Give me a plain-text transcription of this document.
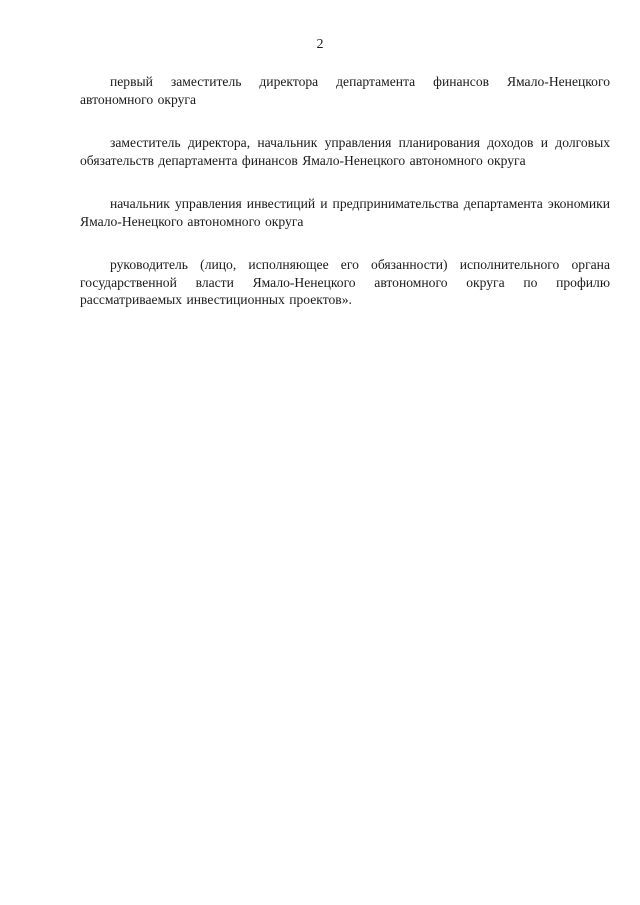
2

первый заместитель директора департамента финансов Ямало-Ненецкого автономного округа

заместитель директора, начальник управления планирования доходов и долговых обязательств департамента финансов Ямало-Ненецкого автономного округа

начальник управления инвестиций и предпринимательства департамента экономики Ямало-Ненецкого автономного округа

руководитель (лицо, исполняющее его обязанности) исполнительного органа государственной власти Ямало-Ненецкого автономного округа по профилю рассматриваемых инвестиционных проектов».
